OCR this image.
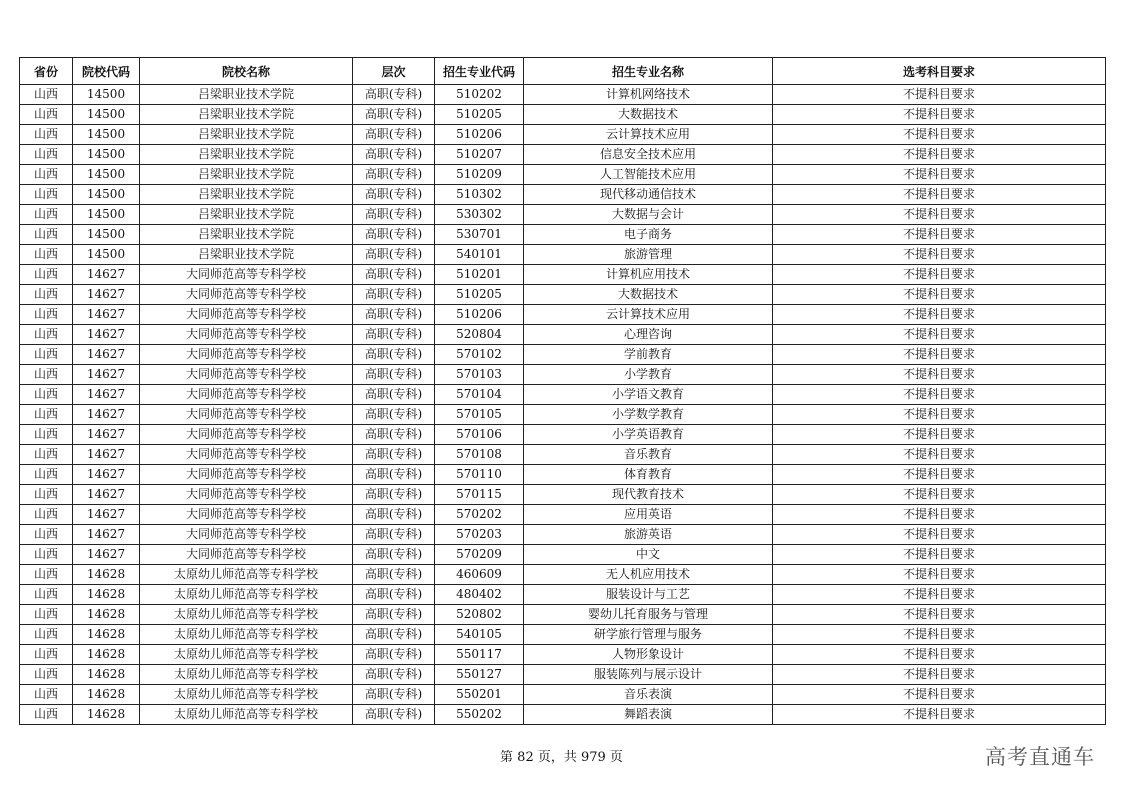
省份	院校代码	院校名称	层次	招生专业代码	招生专业名称	选考科目要求
山西	14500	吕梁职业技术学院	高职(专科)	510202	计算机网络技术	不提科目要求
山西	14500	吕梁职业技术学院	高职(专科)	510205	大数据技术	不提科目要求
山西	14500	吕梁职业技术学院	高职(专科)	510206	云计算技术应用	不提科目要求
山西	14500	吕梁职业技术学院	高职(专科)	510207	信息安全技术应用	不提科目要求
山西	14500	吕梁职业技术学院	高职(专科)	510209	人工智能技术应用	不提科目要求
山西	14500	吕梁职业技术学院	高职(专科)	510302	现代移动通信技术	不提科目要求
山西	14500	吕梁职业技术学院	高职(专科)	530302	大数据与会计	不提科目要求
山西	14500	吕梁职业技术学院	高职(专科)	530701	电子商务	不提科目要求
山西	14500	吕梁职业技术学院	高职(专科)	540101	旅游管理	不提科目要求
山西	14627	大同师范高等专科学校	高职(专科)	510201	计算机应用技术	不提科目要求
山西	14627	大同师范高等专科学校	高职(专科)	510205	大数据技术	不提科目要求
山西	14627	大同师范高等专科学校	高职(专科)	510206	云计算技术应用	不提科目要求
山西	14627	大同师范高等专科学校	高职(专科)	520804	心理咨询	不提科目要求
山西	14627	大同师范高等专科学校	高职(专科)	570102	学前教育	不提科目要求
山西	14627	大同师范高等专科学校	高职(专科)	570103	小学教育	不提科目要求
山西	14627	大同师范高等专科学校	高职(专科)	570104	小学语文教育	不提科目要求
山西	14627	大同师范高等专科学校	高职(专科)	570105	小学数学教育	不提科目要求
山西	14627	大同师范高等专科学校	高职(专科)	570106	小学英语教育	不提科目要求
山西	14627	大同师范高等专科学校	高职(专科)	570108	音乐教育	不提科目要求
山西	14627	大同师范高等专科学校	高职(专科)	570110	体育教育	不提科目要求
山西	14627	大同师范高等专科学校	高职(专科)	570115	现代教育技术	不提科目要求
山西	14627	大同师范高等专科学校	高职(专科)	570202	应用英语	不提科目要求
山西	14627	大同师范高等专科学校	高职(专科)	570203	旅游英语	不提科目要求
山西	14627	大同师范高等专科学校	高职(专科)	570209	中文	不提科目要求
山西	14628	太原幼儿师范高等专科学校	高职(专科)	460609	无人机应用技术	不提科目要求
山西	14628	太原幼儿师范高等专科学校	高职(专科)	480402	服装设计与工艺	不提科目要求
山西	14628	太原幼儿师范高等专科学校	高职(专科)	520802	婴幼儿托育服务与管理	不提科目要求
山西	14628	太原幼儿师范高等专科学校	高职(专科)	540105	研学旅行管理与服务	不提科目要求
山西	14628	太原幼儿师范高等专科学校	高职(专科)	550117	人物形象设计	不提科目要求
山西	14628	太原幼儿师范高等专科学校	高职(专科)	550127	服装陈列与展示设计	不提科目要求
山西	14628	太原幼儿师范高等专科学校	高职(专科)	550201	音乐表演	不提科目要求
山西	14628	太原幼儿师范高等专科学校	高职(专科)	550202	舞蹈表演	不提科目要求
第 82 页，共 979 页	高考直通车
